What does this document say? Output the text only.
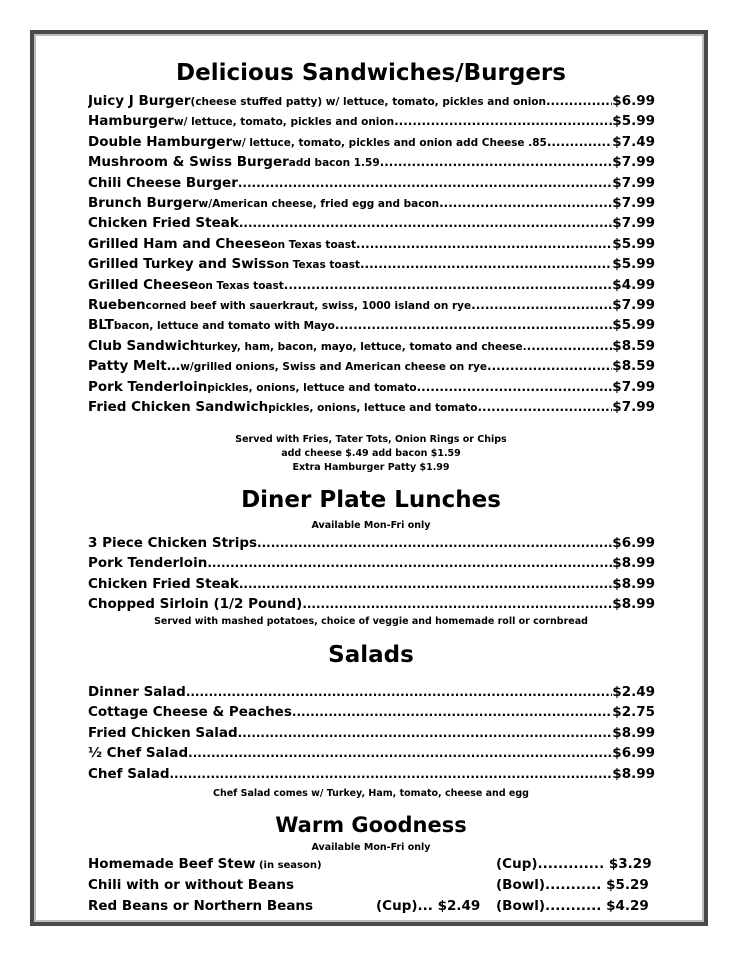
Delicious Sandwiches/Burgers
Juicy J Burger (cheese stuffed patty) w/ lettuce, tomato, pickles and onion .....	$6.99
Hamburger w/ lettuce, tomato, pickles and onion .....	$5.99
Double Hamburger w/ lettuce, tomato, pickles and onion add Cheese .85 .....	$7.49
Mushroom & Swiss Burger add bacon 1.59 .....	$7.99
Chili Cheese Burger .....	$7.99
Brunch Burger w/American cheese, fried egg and bacon .....	$7.99
Chicken Fried Steak .....	$7.99
Grilled Ham and Cheese on Texas toast .....	$5.99
Grilled Turkey and Swiss on Texas toast .....	$5.99
Grilled Cheese on Texas toast .....	$4.99
Rueben corned beef with sauerkraut, swiss, 1000 island on rye .....	$7.99
BLT bacon, lettuce and tomato with Mayo .....	$5.99
Club Sandwich turkey, ham, bacon, mayo, lettuce, tomato and cheese. .....	$8.59
Patty Melt… w/grilled onions, Swiss and American cheese on rye .....	$8.59
Pork Tenderloin pickles, onions, lettuce and tomato .....	$7.99
Fried Chicken Sandwich pickles, onions, lettuce and tomato .....	$7.99
Served with Fries, Tater Tots, Onion Rings or Chips
add cheese $.49 add bacon $1.59
Extra Hamburger Patty $1.99
Diner Plate Lunches
Available Mon-Fri only
3 Piece Chicken Strips .....	$6.99
Pork Tenderloin .....	$8.99
Chicken Fried Steak .....	$8.99
Chopped Sirloin (1/2 Pound) .....	$8.99
Served with mashed potatoes, choice of veggie and homemade roll or cornbread
Salads
Dinner Salad .....	$2.49
Cottage Cheese & Peaches .....	$2.75
Fried Chicken Salad .....	$8.99
½ Chef Salad .....	$6.99
Chef Salad .....	$8.99
Chef Salad comes w/ Turkey, Ham, tomato, cheese and egg
Warm Goodness
Available Mon-Fri only
Homemade Beef Stew (in season)	(Cup)............. $3.29
Chili with or without Beans	(Bowl)........... $5.29
Red Beans or Northern Beans	(Cup)... $2.49 (Bowl)........... $4.29
